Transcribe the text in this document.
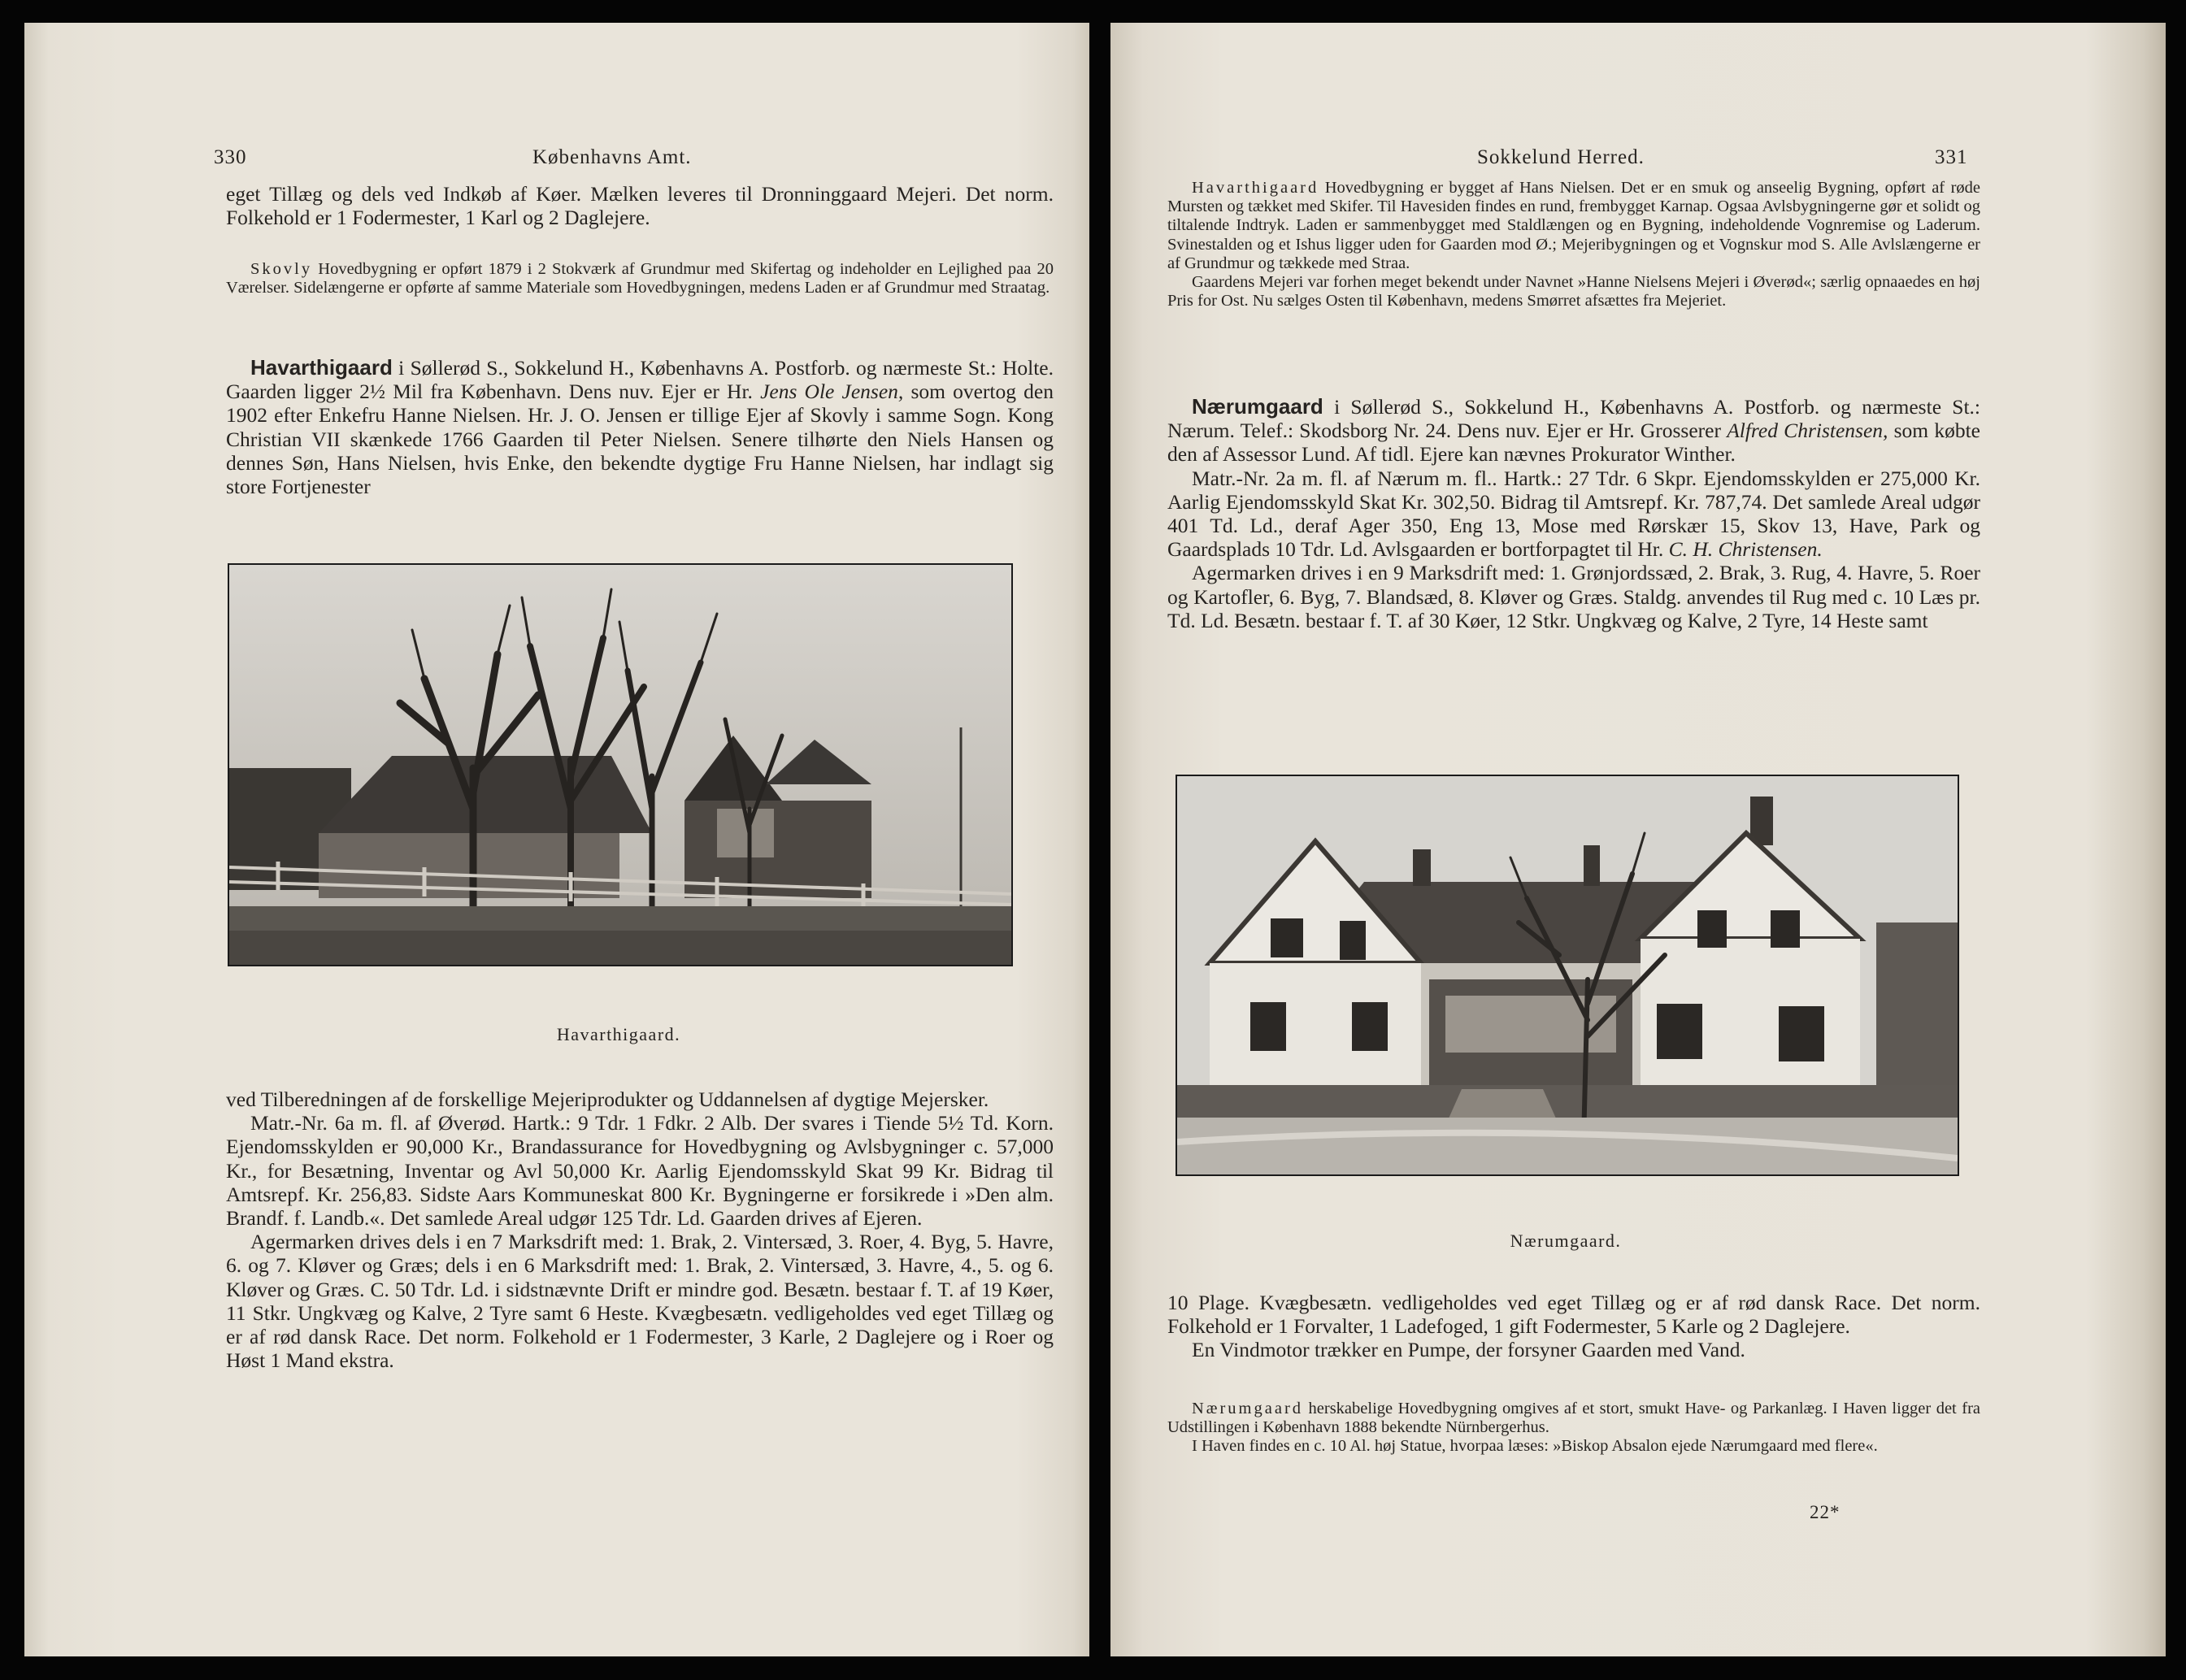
330	Københavns Amt.

eget Tillæg og dels ved Indkøb af Køer. Mælken leveres til Dronninggaard Mejeri. Det norm. Folkehold er 1 Fodermester, 1 Karl og 2 Daglejere.

Skovly Hovedbygning er opført 1879 i 2 Stokværk af Grundmur med Skifertag og indeholder en Lejlighed paa 20 Værelser. Sidelængerne er opførte af samme Materiale som Hovedbygningen, medens Laden er af Grundmur med Straatag.

Havarthigaard i Søllerød S., Sokkelund H., Københavns A. Postforb. og nærmeste St.: Holte. Gaarden ligger 2½ Mil fra København. Dens nuv. Ejer er Hr. Jens Ole Jensen, som overtog den 1902 efter Enkefru Hanne Nielsen. Hr. J. O. Jensen er tillige Ejer af Skovly i samme Sogn. Kong Christian VII skænkede 1766 Gaarden til Peter Nielsen. Senere tilhørte den Niels Hansen og dennes Søn, Hans Nielsen, hvis Enke, den bekendte dygtige Fru Hanne Nielsen, har indlagt sig store Fortjenester

Havarthigaard.

ved Tilberedningen af de forskellige Mejeriprodukter og Uddannelsen af dygtige Mejersker.

Matr.-Nr. 6a m. fl. af Øverød. Hartk.: 9 Tdr. 1 Fdkr. 2 Alb. Der svares i Tiende 5½ Td. Korn. Ejendomsskylden er 90,000 Kr., Brandassurance for Hovedbygning og Avlsbygninger c. 57,000 Kr., for Besætning, Inventar og Avl 50,000 Kr. Aarlig Ejendomsskyld Skat 99 Kr. Bidrag til Amtsrepf. Kr. 256,83. Sidste Aars Kommuneskat 800 Kr. Bygningerne er forsikrede i »Den alm. Brandf. f. Landb.«. Det samlede Areal udgør 125 Tdr. Ld. Gaarden drives af Ejeren.

Agermarken drives dels i en 7 Marksdrift med: 1. Brak, 2. Vintersæd, 3. Roer, 4. Byg, 5. Havre, 6. og 7. Kløver og Græs; dels i en 6 Marksdrift med: 1. Brak, 2. Vintersæd, 3. Havre, 4., 5. og 6. Kløver og Græs. C. 50 Tdr. Ld. i sidstnævnte Drift er mindre god. Besætn. bestaar f. T. af 19 Køer, 11 Stkr. Ungkvæg og Kalve, 2 Tyre samt 6 Heste. Kvægbesætn. vedligeholdes ved eget Tillæg og er af rød dansk Race. Det norm. Folkehold er 1 Fodermester, 3 Karle, 2 Daglejere og i Roer og Høst 1 Mand ekstra.

Sokkelund Herred.	331

Havarthigaard Hovedbygning er bygget af Hans Nielsen. Det er en smuk og anseelig Bygning, opført af røde Mursten og tækket med Skifer. Til Havesiden findes en rund, frembygget Karnap. Ogsaa Avlsbygningerne gør et solidt og tiltalende Indtryk. Laden er sammenbygget med Staldlængen og en Bygning, indeholdende Vognremise og Laderum. Svinestalden og et Ishus ligger uden for Gaarden mod Ø.; Mejeribygningen og et Vognskur mod S. Alle Avlslængerne er af Grundmur og tækkede med Straa.

Gaardens Mejeri var forhen meget bekendt under Navnet »Hanne Nielsens Mejeri i Øverød«; særlig opnaaedes en høj Pris for Ost. Nu sælges Osten til København, medens Smørret afsættes fra Mejeriet.

Nærumgaard i Søllerød S., Sokkelund H., Københavns A. Postforb. og nærmeste St.: Nærum. Telef.: Skodsborg Nr. 24. Dens nuv. Ejer er Hr. Grosserer Alfred Christensen, som købte den af Assessor Lund. Af tidl. Ejere kan nævnes Prokurator Winther.

Matr.-Nr. 2a m. fl. af Nærum m. fl.. Hartk.: 27 Tdr. 6 Skpr. Ejendomsskylden er 275,000 Kr. Aarlig Ejendomsskyld Skat Kr. 302,50. Bidrag til Amtsrepf. Kr. 787,74. Det samlede Areal udgør 401 Td. Ld., deraf Ager 350, Eng 13, Mose med Rørskær 15, Skov 13, Have, Park og Gaardsplads 10 Tdr. Ld. Avlsgaarden er bortforpagtet til Hr. C. H. Christensen.

Agermarken drives i en 9 Marksdrift med: 1. Grønjordssæd, 2. Brak, 3. Rug, 4. Havre, 5. Roer og Kartofler, 6. Byg, 7. Blandsæd, 8. Kløver og Græs. Staldg. anvendes til Rug med c. 10 Læs pr. Td. Ld. Besætn. bestaar f. T. af 30 Køer, 12 Stkr. Ungkvæg og Kalve, 2 Tyre, 14 Heste samt

Nærumgaard.

10 Plage. Kvægbesætn. vedligeholdes ved eget Tillæg og er af rød dansk Race. Det norm. Folkehold er 1 Forvalter, 1 Ladefoged, 1 gift Fodermester, 5 Karle og 2 Daglejere.

En Vindmotor trækker en Pumpe, der forsyner Gaarden med Vand.

Nærumgaard herskabelige Hovedbygning omgives af et stort, smukt Have- og Parkanlæg. I Haven ligger det fra Udstillingen i København 1888 bekendte Nürnbergerhus.

I Haven findes en c. 10 Al. høj Statue, hvorpaa læses: »Biskop Absalon ejede Nærumgaard med flere«.

22*
